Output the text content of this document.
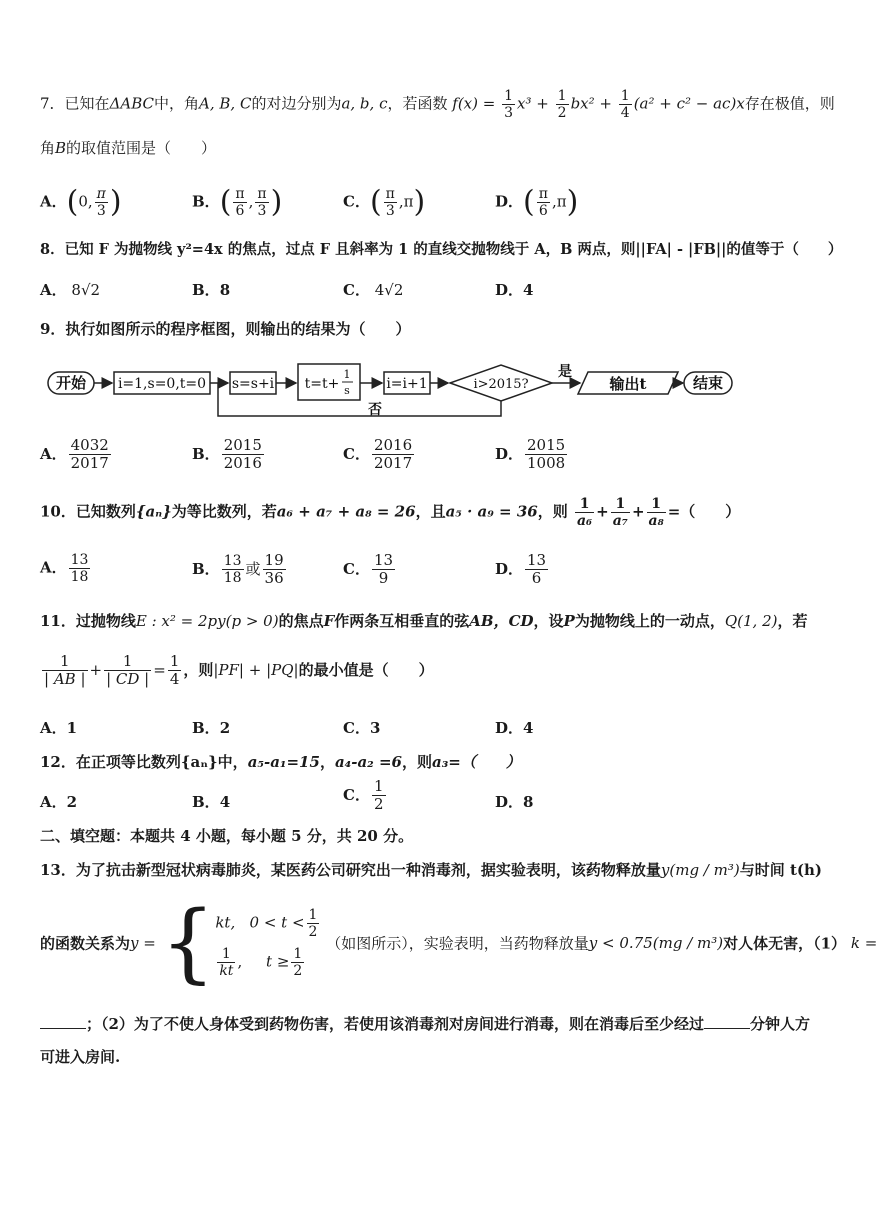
7．已知在ΔABC中，角A, B, C的对边分别为a, b, c，若函数 $f(x) = \frac{1}{3} x^3 + \frac{1}{2} bx^2 + \frac{1}{4} (a^2 + c^2 - ac)x$存在极值，则
角B的取值范围是（　　）
A．(0, $\frac{\pi}{3}$ )	B．( $\frac{\pi}{6}$ , $\frac{\pi}{3}$ )	C．( $\frac{\pi}{3} ,\pi$)	D．( $\frac{\pi}{6} ,\pi$)
8．已知 F 为抛物线 y²=4x 的焦点，过点 F 且斜率为 1 的直线交抛物线于 A，B 两点，则||FA| - |FB||的值等于（　　）
A． 8√2	B．8	C． 4√2	D．4
9．执行如图所示的程序框图，则输出的结果为（　　）
开始 i=1,s=0,t=0 s=s+i t=t+
1
s	i=i+1	i>2015?
是
输出t	结束
否
A． $\frac{4032}{2017}$	B． $\frac{2015}{2016}$	C． $\frac{2016}{2017}$	D． $\frac{2015}{1008}$
10．已知数列{aₙ}为等比数列，若a₆ + a₇ + a₈ = 26，且a₅ · a₉ = 36，则 $\frac{1}{\text{a₆}} + \frac{1}{\text{a₇}} + \frac{1}{\text{a₈}}$ =（　　）
A． $\frac{13}{18}$	B． $\frac{13}{18}$ 或 $\frac{19}{36}$	C． $\frac{13}{9}$	D． $\frac{13}{6}$
11．过抛物线E : x² = 2py(p > 0)的焦点F作两条互相垂直的弦AB，CD，设P为抛物线上的一动点，Q(1, 2)，若
$\frac{1}{| AB |} + \frac{1}{| CD |} = \frac{1}{4}$ ，则|PF| + |PQ|的最小值是（　　）
A．1	B．2	C．3	D．4
12．在正项等比数列{aₙ}中，a₅-a₁=15，a₄-a₂ =6，则a₃=（　　）
A．2	B．4	C． $\frac{1}{2}$	D．8
二、填空题：本题共 4 小题，每小题 5 分，共 20 分。
13．为了抗击新型冠状病毒肺炎，某医药公司研究出一种消毒剂，据实验表明，该药物释放量y(mg / m³)与时间 t(h)
的函数关系为y = { kt, $0 < t < \frac{1}{2}$
$\frac{1}{kt}$ ,     $t \ge \frac{1}{2}$
（如图所示），实验表明，当药物释放量y < 0.75(mg / m³)对人体无害，（1） k =
；（2）为了不使人身体受到药物伤害，若使用该消毒剂对房间进行消毒，则在消毒后至少经过	分钟人方
可进入房间.
